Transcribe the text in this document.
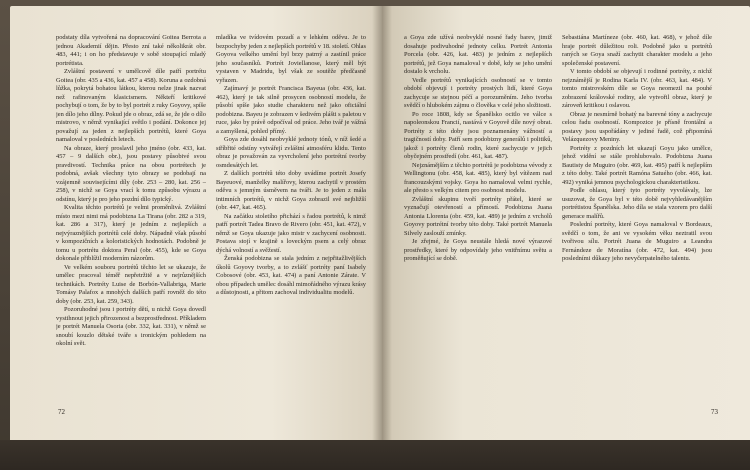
podstaty díla vytvořená na dopracování Goitea Berrota a jednou Akademií dějin. Přesto zní také několikrát obr. 483, 441; i on ho představuje v sobě stoupající mladý portrétista.

Zvláštní postavení v umělcově díle patří portrétu Goitea (obr. 435 a 436, kat. 457 a 458). Koruna a ozdobná lůžka, pokrytá bohatou látkou, kterou nelze jinak nazvat než rafinovaným klasicismem. Někteří kritikové pochybují o tom, že by to byl portrét z ruky Goyovy, spíše jen dílo jeho dílny. Pokud jde o obraz, zdá se, že jde o dílo mistrovo, v němž vynikající světlo i podání. Dokonce jej považují za jeden z nejlepších portrétů, které Goya namaloval v posledních letech.

Na obraze, který proslavil jeho jméno (obr. 433, kat. 457 – 9 dalších obr.), jsou postavy působivé svou pravdivostí. Technika práce na obou portrétech je podobná, avšak všechny tyto obrazy se podobají na vzájemně souvisejícími díly (obr. 253 – 280, kat. 256 – 258), v nichž se Goya vrací k tomu způsobu výrazu a odstínu, který je pro jeho pozdní dílo typický.

Kvalita těchto portrétů je velmi proměnlivá. Zvláštní místo mezi nimi má podobizna La Tirana (obr. 282 a 319, kat. 286 a 317), který je jedním z nejlepších a nejvýraznějších portrétů celé doby. Nápadně však působí v kompozičních a koloristických hodnotách. Podobně je tomu u portrétu doktora Peral (obr. 455), kde se Goya dokonale přiblížil moderním názorům.

Ve velkém souboru portrétů těchto let se ukazuje, že umělec pracoval téměř nepřetržitě a v nejrůznějších technikách. Portréty Luise de Borbón-Vallabriga, Marie Tomásy Palafox a mnohých dalších patří rovněž do této doby (obr. 253, kat. 259, 343).

Pozoruhodné jsou i portréty dětí, u nichž Goya dovedl vystihnout jejich přirozenost a bezprostřednost. Příkladem je portrét Manuela Osoria (obr. 332, kat. 331), v němž se snoubí kouzlo dětské tváře s ironickým pohledem na okolní svět.

mladíka ve tvídovém pozadí a v lehkém oděvu. Je to bezpochyby jeden z nejlepších portrétů v 18. století. Ohlas Goyova velkého umění byl brzy patrný a zastínil práce jeho současníků. Portrét Joviellanose, který měl být vystaven v Madridu, byl však ze soutěže předčasně vyřazen.

Zajímavý je portrét Francisca Bayeua (obr. 436, kat. 462), který je tak silně prosycen osobností modelu, že působí spíše jako studie charakteru než jako oficiální podobizna. Bayeu je zobrazen v šedivém plášti s paletou v ruce, jako by právě odpočíval od práce. Jeho tvář je vážná a zamyšlená, pohled přímý.

Goya zde dosáhl neobvyklé jednoty tónů, v níž šedé a stříbřité odstíny vytvářejí zvláštní atmosféru klidu. Tento obraz je považován za vyvrcholení jeho portrétní tvorby osmdesátých let.

Z dalších portrétů této doby uvádíme portrét Josefy Bayeuové, manželky malířovy, kterou zachytil v prostém oděvu s jemným úsměvem na tváři. Je to jeden z mála intimních portrétů, v nichž Goya zobrazil své nejbližší (obr. 447, kat. 465).

Na začátku stoletího přichází s řadou portrétů, k nimž patří portrét Tadea Bravo de Rivero (obr. 451, kat. 472), v němž se Goya ukazuje jako mistr v zachycení osobnosti. Postava stojí v krajině s loveckým psem a celý obraz dýchá volností a svěžestí.

Ženská podobizna se stala jedním z nejpřitažlivějších úkolů Goyovy tvorby, a to zvlášť portréty paní Isabely Cobosové (obr. 453, kat. 474) a paní Antonie Zárate. V obou případech umělec dosáhl mimořádného výrazu krásy a důstojnosti, a přitom zachoval individualitu modelů.

72

a Goya zde užívá neobvyklé nosné řady barev, jimiž dosahuje podivuhodné jednoty celku. Portrét Antonia Porcela (obr. 426, kat. 483) je jedním z nejlepších portrétů, jež Goya namaloval v době, kdy se jeho umění dostalo k vrcholu.

Vedle portrétů vynikajících osobností se v tomto období objevují i portréty prostých lidí, které Goya zachycuje se stejnou péčí a porozuměním. Jeho tvorba svědčí o hlubokém zájmu o člověka v celé jeho složitosti.

Po roce 1808, kdy se Španělsko ocitlo ve válce s napoleonskou Francií, nastává v Goyově díle nový obrat. Portréty z této doby jsou poznamenány vážností a tragičností doby. Patří sem podobizny generálů i politiků, jakož i portréty členů rodin, které zachycuje v jejich obyčejném prostředí (obr. 461, kat. 487).

Nejznámějším z těchto portrétů je podobizna vévody z Wellingtonu (obr. 458, kat. 485), který byl vítězem nad francouzskými vojsky. Goya ho namaloval velmi rychle, ale přesto s velkým citem pro osobnost modelu.

Zvláštní skupinu tvoří portréty přátel, které se vyznačují otevřeností a přímostí. Podobizna Juana Antonia Llorenta (obr. 459, kat. 489) je jedním z vrcholů Goyovy portrétní tvorby této doby. Také portrét Manuela Silvely zaslouží zmínky.

Je zřejmé, že Goya neustále hledá nové výrazové prostředky, které by odpovídaly jeho vnitřnímu světu a proměňující se době.

Sebastiána Martíneze (obr. 460, kat. 468), v jehož díle hraje portrét důležitou roli. Podobně jako u portrétů raných se Goya snaží zachytit charakter modelu a jeho společenské postavení.

V tomto období se objevují i rodinné portréty, z nichž nejznámější je Rodina Karla IV. (obr. 463, kat. 484). V tomto mistrovském díle se Goya neomezil na pouhé zobrazení královské rodiny, ale vytvořil obraz, který je zároveň kritikou i oslavou.

Obraz je nesmírně bohatý na barevné tóny a zachycuje celou řadu osobností. Kompozice je přísně frontální a postavy jsou uspořádány v jediné řadě, což připomíná Velázquezovy Meniny.

Portréty z pozdních let ukazují Goyu jako umělce, jehož vidění se stále prohlubovalo. Podobizna Juana Bautisty de Muguiro (obr. 469, kat. 495) patří k nejlepším z této doby. Také portrét Ramóna Satuého (obr. 466, kat. 492) vyniká jemnou psychologickou charakteristikou.

Podle ohlasu, který tyto portréty vyvolávaly, lze usuzovat, že Goya byl v této době nejvyhledávanějším portrétistou Španělska. Jeho díla se stala vzorem pro další generace malířů.

Poslední portréty, které Goya namaloval v Bordeaux, svědčí o tom, že ani ve vysokém věku neztratil svou tvořivou sílu. Portrét Juana de Muguiro a Leandra Fernándeze de Moratína (obr. 472, kat. 494) jsou posledními důkazy jeho nevyčerpatelného talentu.

73
